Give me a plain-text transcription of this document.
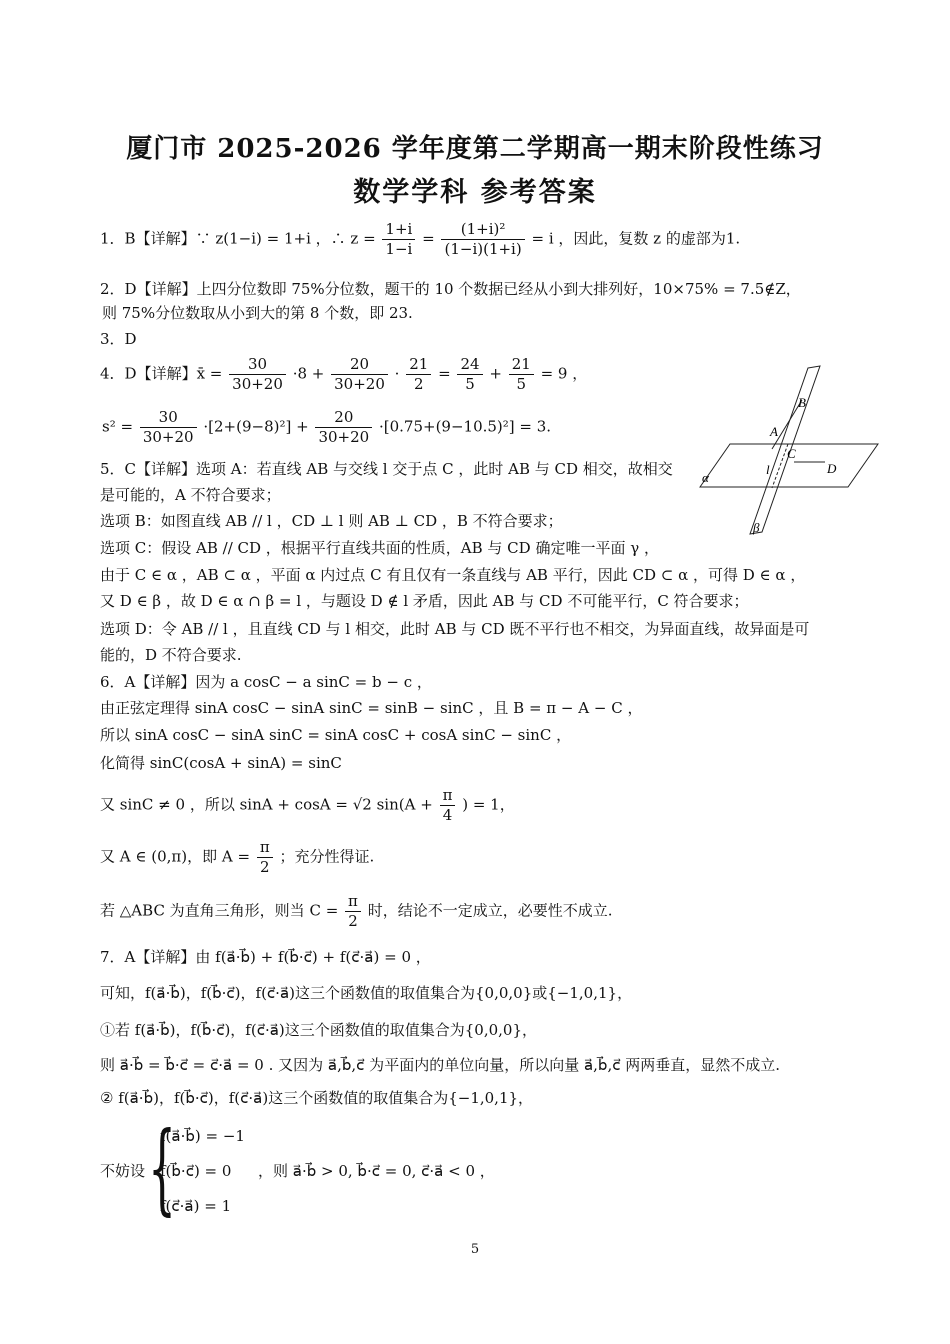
厦门市 2025-2026 学年度第二学期高一期末阶段性练习
数学学科 参考答案
1．B【详解】∵ z(1−i) = 1+i ，∴ $z = \frac{1+i}{1-i} = \frac{\text{(1+i)²}}{(1-i)(1+i)} = i$ ，因此，复数 z 的虚部为1.
2．D【详解】上四分位数即 75%分位数，题干的 10 个数据已经从小到大排列好，10×75% = 7.5∉Z，
则 75%分位数取从小到大的第 8 个数，即 23.
3．D
4．D【详解】x̄ = $\frac{30}{30+20} \cdot 8 + \frac{20}{30+20} \cdot \frac{21}{2} = \frac{24}{5} + \frac{21}{5} = 9$ ，
$s^2 = \frac{30}{30+20} \cdot[2+(9-8)^2] + \frac{20}{30+20} \cdot[0.75+(9-10.5)^2] = 3$.
B
A
C
l	D
α
β
5．C【详解】选项 A：若直线 AB 与交线 l 交于点 C ，此时 AB 与 CD 相交，故相交
是可能的，A 不符合要求；
选项 B：如图直线 AB // l ，CD ⊥ l 则 AB ⊥ CD ，B 不符合要求；
选项 C：假设 AB // CD ，根据平行直线共面的性质，AB 与 CD 确定唯一平面 γ ，
由于 C ∈ α ，AB ⊂ α ，平面 α 内过点 C 有且仅有一条直线与 AB 平行，因此 CD ⊂ α ，可得 D ∈ α ，
又 D ∈ β ，故 D ∈ α ∩ β = l ，与题设 D ∉ l 矛盾，因此 AB 与 CD 不可能平行，C 符合要求；
选项 D：令 AB // l ，且直线 CD 与 l 相交，此时 AB 与 CD 既不平行也不相交，为异面直线，故异面是可
能的，D 不符合要求.
6．A【详解】因为 a cosC − a sinC = b − c ，
由正弦定理得 sinA cosC − sinA sinC = sinB − sinC ，且 B = π − A − C ，
所以 sinA cosC − sinA sinC = sinA cosC + cosA sinC − sinC ，
化简得 sinC(cosA + sinA) = sinC
又 sinC ≠ 0 ，所以 sinA + cosA = √2 $\sin(A + \frac{\pi}{4}$ ) = 1，
又 A ∈ (0,π)，即 $A = \frac{\pi}{2}$ ；充分性得证.
若 △ABC 为直角三角形，则当 $C = \frac{\pi}{2}$ 时，结论不一定成立，必要性不成立.
7．A【详解】由 f(a⃗·b⃗) + f(b⃗·c⃗) + f(c⃗·a⃗) = 0 ，
可知，f(a⃗·b⃗)，f(b⃗·c⃗)，f(c⃗·a⃗)这三个函数值的取值集合为{0,0,0}或{−1,0,1}，
①若 f(a⃗·b⃗)，f(b⃗·c⃗)，f(c⃗·a⃗)这三个函数值的取值集合为{0,0,0}，
则 a⃗·b⃗ = b⃗·c⃗ = c⃗·a⃗ = 0 . 又因为 a⃗,b⃗,c⃗ 为平面内的单位向量，所以向量 a⃗,b⃗,c⃗ 两两垂直，显然不成立.
② f(a⃗·b⃗)，f(b⃗·c⃗)，f(c⃗·a⃗)这三个函数值的取值集合为{−1,0,1}，
不妨设 {
f(a⃗·b⃗) = −1
f(b⃗·c⃗) = 0
f(c⃗·a⃗) = 1
，则 a⃗·b⃗ > 0, b⃗·c⃗ = 0, c⃗·a⃗ < 0 ，
5
